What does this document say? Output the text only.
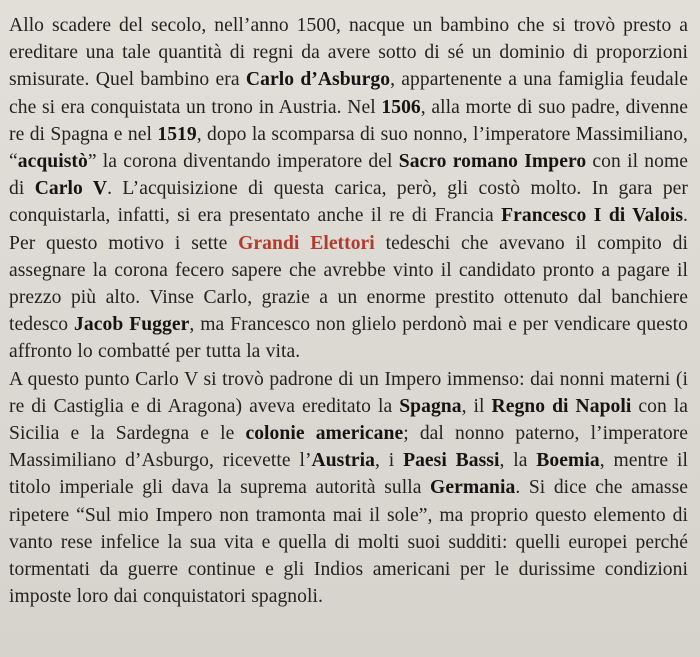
Allo scadere del secolo, nell’anno 1500, nacque un bambino che si trovò presto a ereditare una tale quantità di regni da avere sotto di sé un dominio di proporzioni smisurate. Quel bambino era Carlo d’Asburgo, appartenente a una famiglia feudale che si era conquistata un trono in Austria. Nel 1506, alla morte di suo padre, divenne re di Spagna e nel 1519, dopo la scomparsa di suo nonno, l’imperatore Massimiliano, “acquistò” la corona diventando imperatore del Sacro romano Impero con il nome di Carlo V. L’acquisizione di questa carica, però, gli costò molto. In gara per conquistarla, infatti, si era presentato anche il re di Francia Francesco I di Valois. Per questo motivo i sette Grandi Elettori tedeschi che avevano il compito di assegnare la corona fecero sapere che avrebbe vinto il candidato pronto a pagare il prezzo più alto. Vinse Carlo, grazie a un enorme prestito ottenuto dal banchiere tedesco Jacob Fugger, ma Francesco non glielo perdonò mai e per vendicare questo affronto lo combatté per tutta la vita.

A questo punto Carlo V si trovò padrone di un Impero immenso: dai nonni materni (i re di Castiglia e di Aragona) aveva ereditato la Spagna, il Regno di Napoli con la Sicilia e la Sardegna e le colonie americane; dal nonno paterno, l’imperatore Massimiliano d’Asburgo, ricevette l’Austria, i Paesi Bassi, la Boemia, mentre il titolo imperiale gli dava la suprema autorità sulla Germania. Si dice che amasse ripetere “Sul mio Impero non tramonta mai il sole”, ma proprio questo elemento di vanto rese infelice la sua vita e quella di molti suoi sudditi: quelli europei perché tormentati da guerre continue e gli Indios americani per le durissime condizioni imposte loro dai conquistatori spagnoli.
